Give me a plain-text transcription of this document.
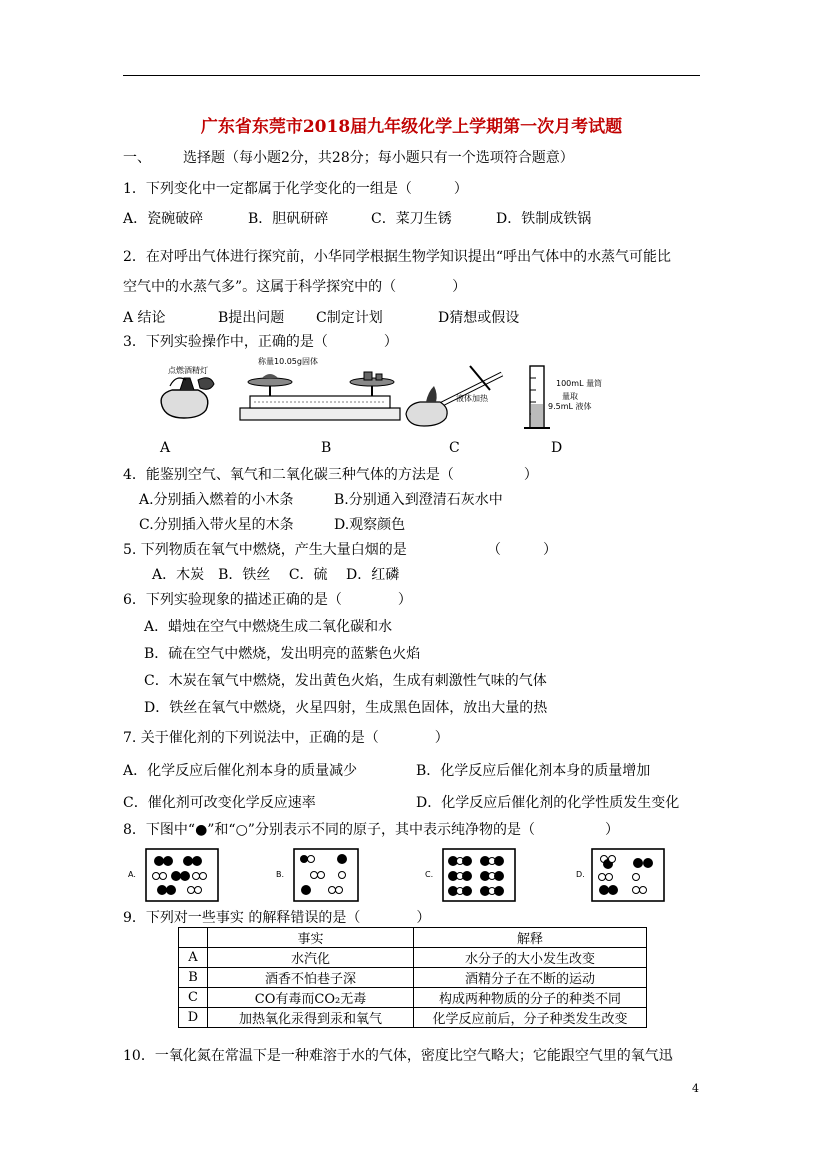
广东省东莞市2018届九年级化学上学期第一次月考试题
一、 选择题（每小题2分，共28分；每小题只有一个选项符合题意）
1．下列变化中一定都属于化学变化的一组是（　　　）
A．瓷碗破碎	B．胆矾研碎	C．菜刀生锈	D．铁制成铁锅
2．在对呼出气体进行探究前，小华同学根据生物学知识提出“呼出气体中的水蒸气可能比
空气中的水蒸气多”。这属于科学探究中的（　　　　）
A 结论	B提出问题 C制定计划	D猜想或假设
3．下列实验操作中，正确的是（　　　　）
点燃酒精灯
称量10.05g固体
液体加热
100mL 量筒
量取
9.5mL 液体
A	B	C	D
4．能鉴别空气、氧气和二氧化碳三种气体的方法是（　　　　　）
A.分别插入燃着的小木条	B.分别通入到澄清石灰水中
C.分别插入带火星的木条	D.观察颜色
5. 下列物质在氧气中燃烧，产生大量白烟的是	（　　　）
A．木炭　B．铁丝　 C．硫　 D．红磷
6．下列实验现象的描述正确的是（　　　　）
A．蜡烛在空气中燃烧生成二氧化碳和水
B．硫在空气中燃烧，发出明亮的蓝紫色火焰
C．木炭在氧气中燃烧，发出黄色火焰，生成有刺激性气味的气体
D．铁丝在氧气中燃烧，火星四射，生成黑色固体，放出大量的热
7. 关于催化剂的下列说法中，正确的是（　　　　）
A．化学反应后催化剂本身的质量减少	B．化学反应后催化剂本身的质量增加
C．催化剂可改变化学反应速率	D．化学反应后催化剂的化学性质发生变化
8．下图中“●”和“○”分别表示不同的原子，其中表示纯净物的是（　　　　　）
A.	B.	C.	D.
9．下列对一些事实 的解释错误的是（　　　　）
	事实	解释
A	水汽化	水分子的大小发生改变
B	酒香不怕巷子深	酒精分子在不断的运动
C	CO有毒而CO₂无毒	构成两种物质的分子的种类不同
D	加热氧化汞得到汞和氧气	化学反应前后，分子种类发生改变
10．一氧化氮在常温下是一种难溶于水的气体，密度比空气略大；它能跟空气里的氧气迅
4
